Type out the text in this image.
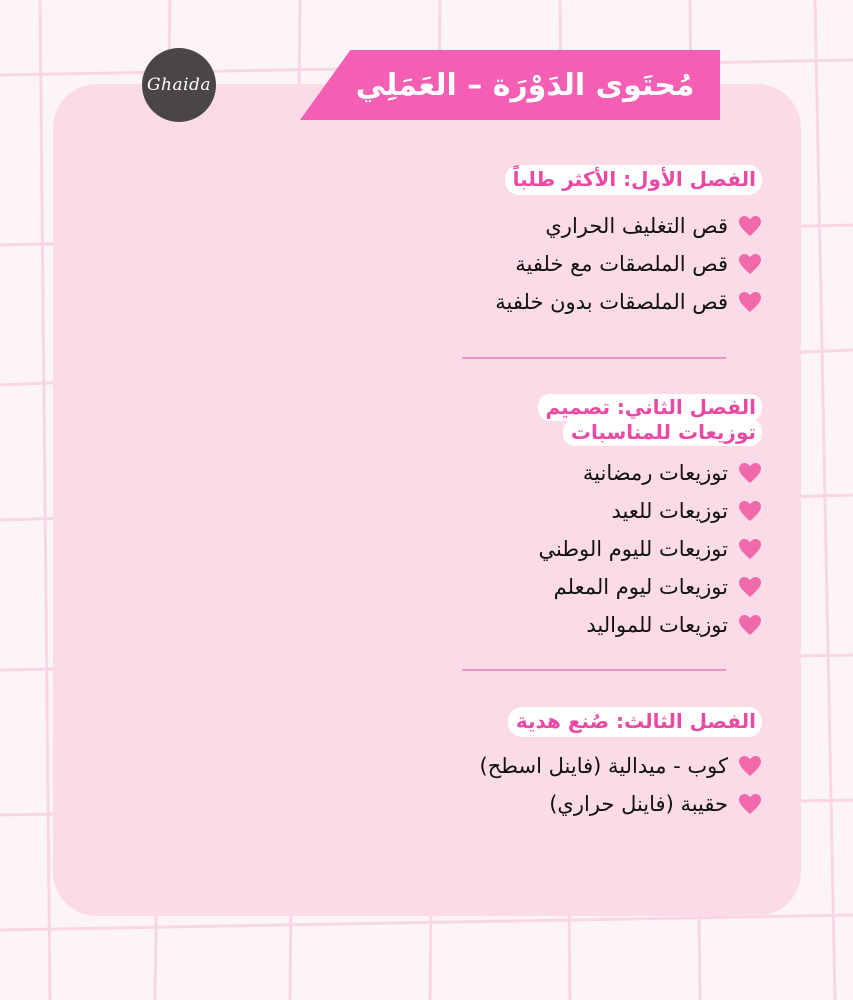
Ghaida	مُحتَوى الدَوْرَة – العَمَلِي
الفصل الأول: الأكثر طلباً
قص التغليف الحراري
قص الملصقات مع خلفية
قص الملصقات بدون خلفية
الفصل الثاني: تصميم توزيعات للمناسبات
توزيعات رمضانية
توزيعات للعيد
توزيعات لليوم الوطني
توزيعات ليوم المعلم
توزيعات للمواليد
الفصل الثالث: صُنع هدية
كوب - ميدالية (فاينل اسطح)
حقيبة (فاينل حراري)
